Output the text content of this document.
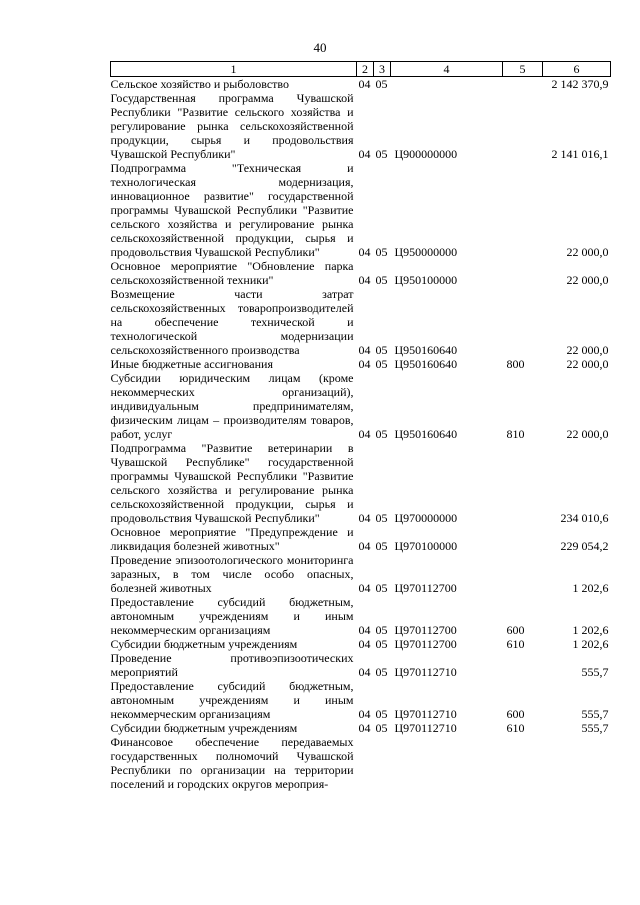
40
1	2	3	4	5	6
Сельское хозяйство и рыболовство	04	05			2 142 370,9
Государственная программа Чувашской Республики "Развитие сельского хозяйства и регулирование рынка сельскохозяйственной продукции, сырья и продовольствия Чувашской Республики"	04	05	Ц900000000		2 141 016,1
Подпрограмма "Техническая и технологическая модернизация, инновационное развитие" государственной программы Чувашской Республики "Развитие сельского хозяйства и регулирование рынка сельскохозяйственной продукции, сырья и продовольствия Чувашской Республики"	04	05	Ц950000000		22 000,0
Основное мероприятие "Обновление парка сельскохозяйственной техники"	04	05	Ц950100000		22 000,0
Возмещение части затрат сельскохозяйственных товаропроизводителей на обеспечение технической и технологической модернизации сельскохозяйственного производства	04	05	Ц950160640		22 000,0
Иные бюджетные ассигнования	04	05	Ц950160640	800	22 000,0
Субсидии юридическим лицам (кроме некоммерческих организаций), индивидуальным предпринимателям, физическим лицам – производителям товаров, работ, услуг	04	05	Ц950160640	810	22 000,0
Подпрограмма "Развитие ветеринарии в Чувашской Республике" государственной программы Чувашской Республики "Развитие сельского хозяйства и регулирование рынка сельскохозяйственной продукции, сырья и продовольствия Чувашской Республики"	04	05	Ц970000000		234 010,6
Основное мероприятие "Предупреждение и ликвидация болезней животных"	04	05	Ц970100000		229 054,2
Проведение эпизоотологического мониторинга заразных, в том числе особо опасных, болезней животных	04	05	Ц970112700		1 202,6
Предоставление субсидий бюджетным, автономным учреждениям и иным некоммерческим организациям	04	05	Ц970112700	600	1 202,6
Субсидии бюджетным учреждениям	04	05	Ц970112700	610	1 202,6
Проведение противоэпизоотических мероприятий	04	05	Ц970112710		555,7
Предоставление субсидий бюджетным, автономным учреждениям и иным некоммерческим организациям	04	05	Ц970112710	600	555,7
Субсидии бюджетным учреждениям	04	05	Ц970112710	610	555,7
Финансовое обеспечение передаваемых государственных полномочий Чувашской Республики по организации на территории поселений и городских округов мероприя-					
